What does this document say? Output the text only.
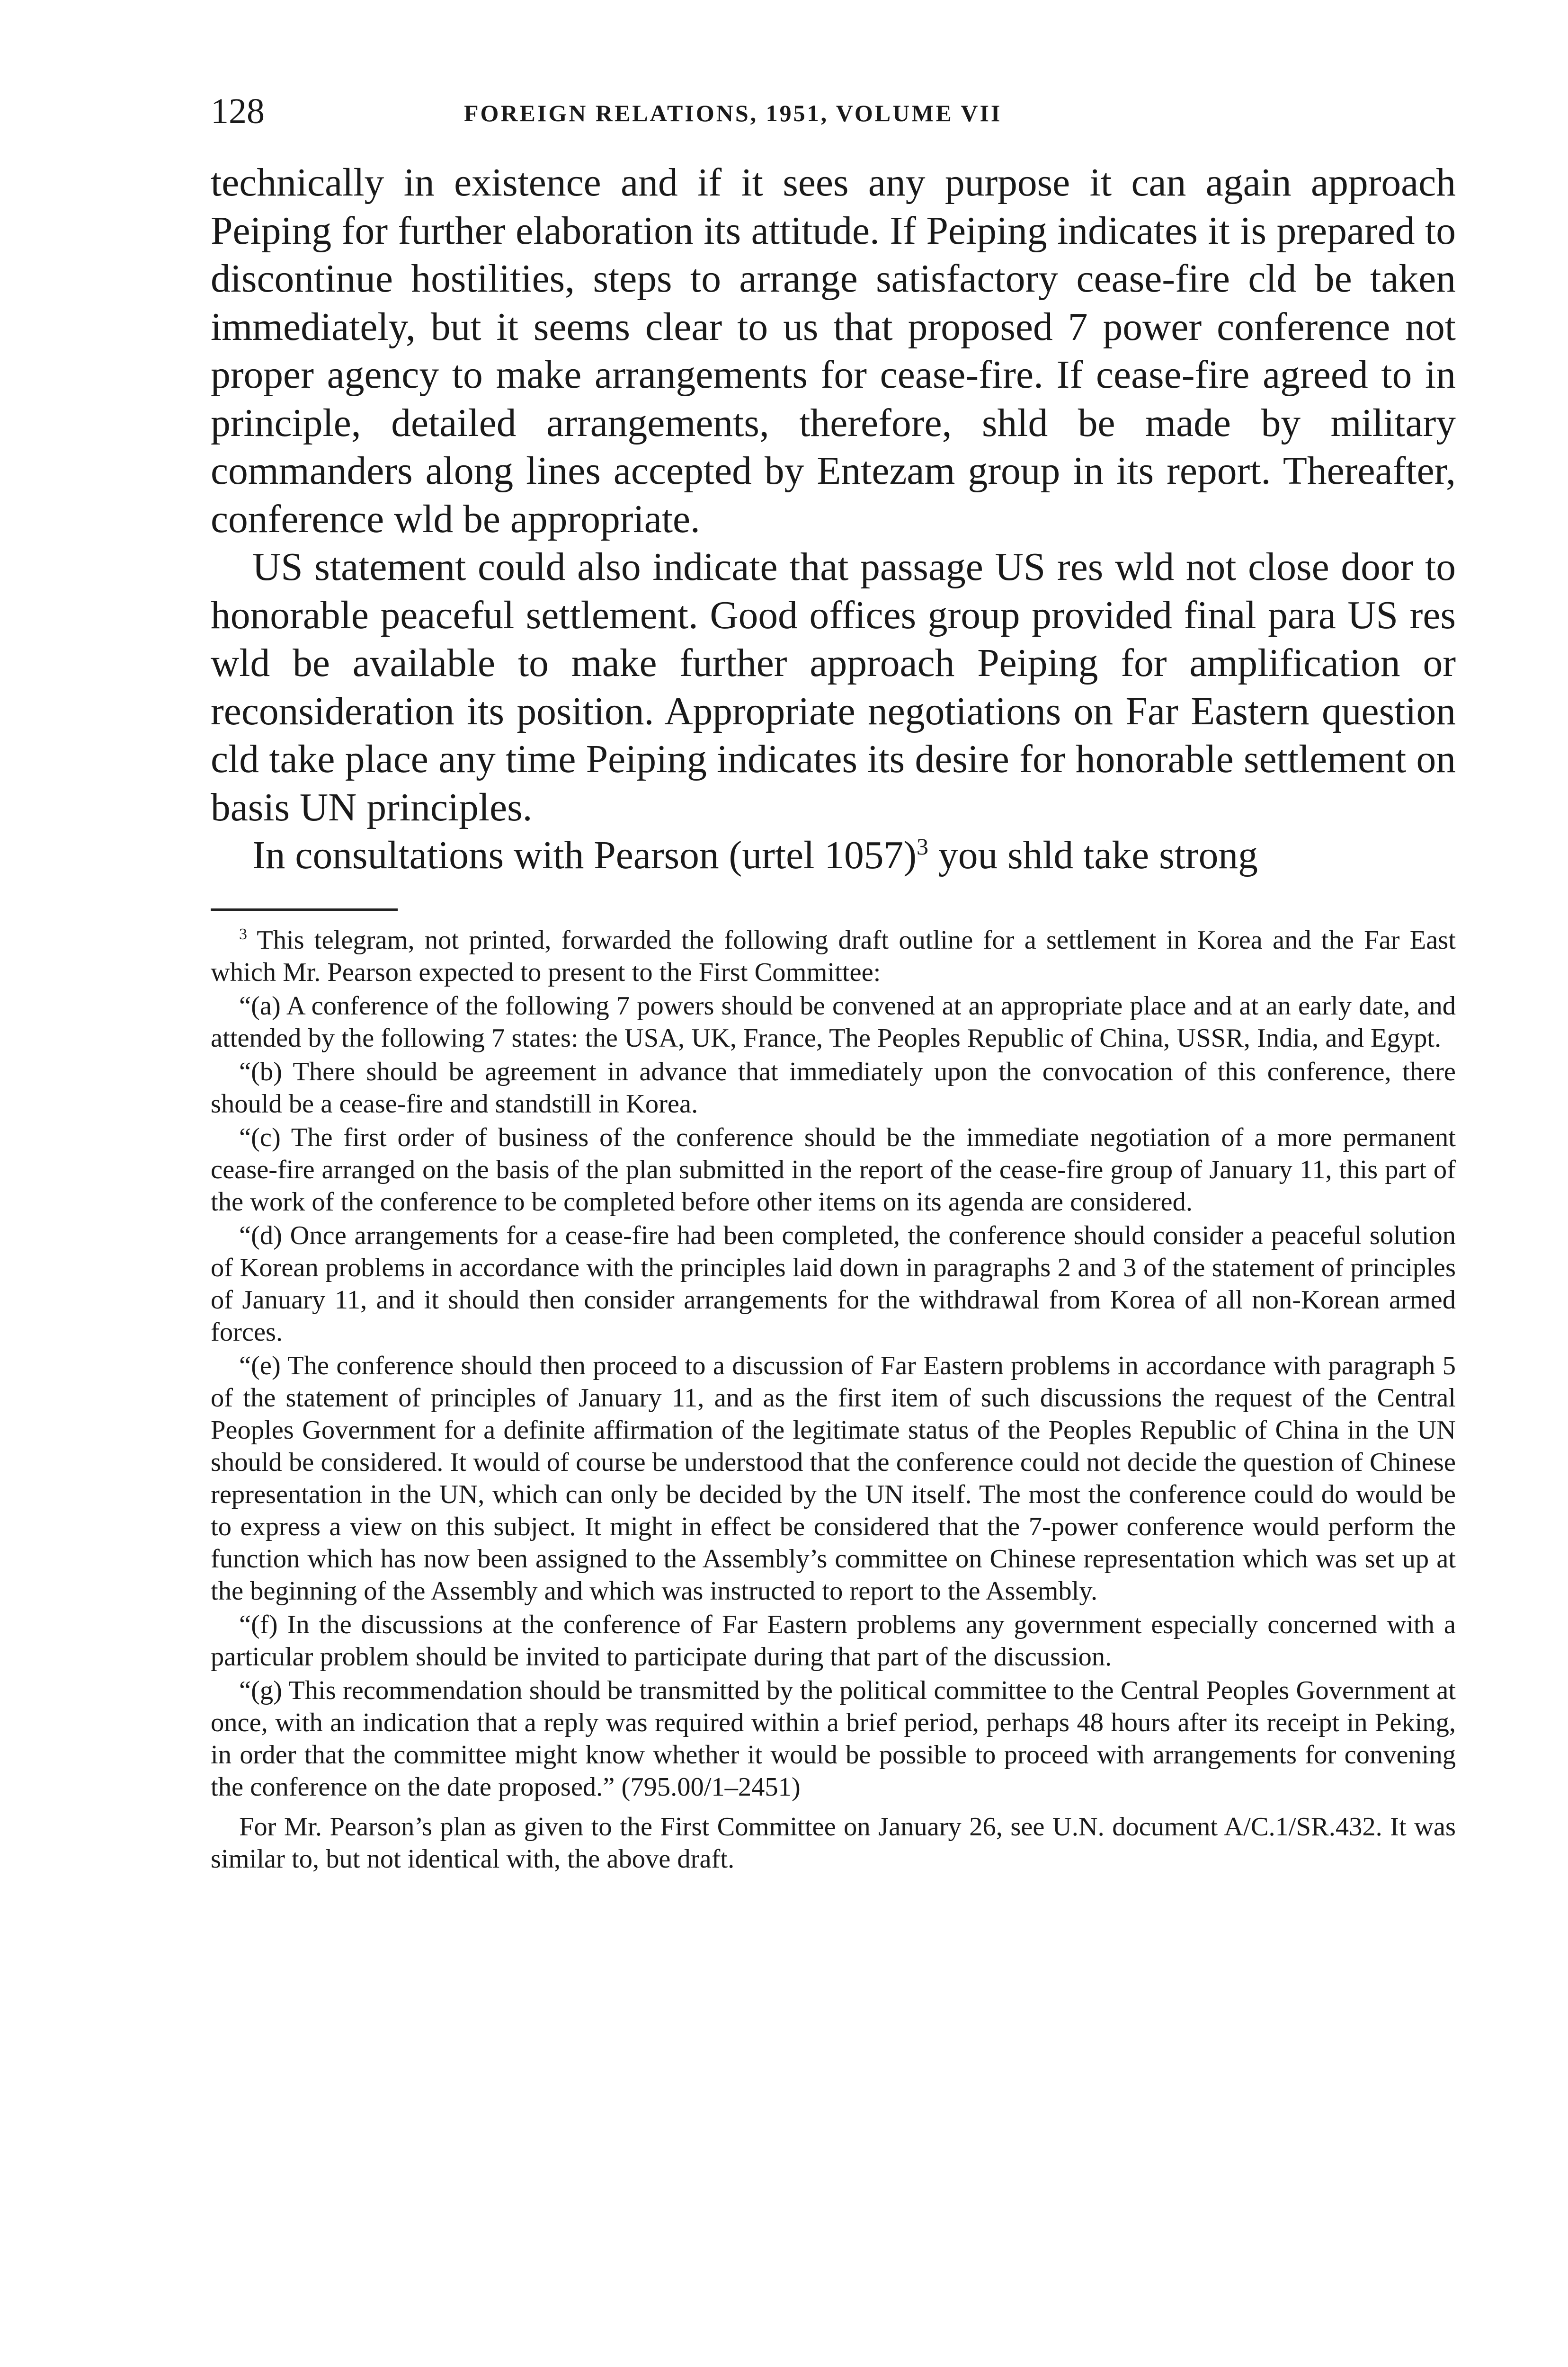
128	FOREIGN RELATIONS, 1951, VOLUME VII

technically in existence and if it sees any purpose it can again approach Peiping for further elaboration its attitude. If Peiping indicates it is prepared to discontinue hostilities, steps to arrange satisfactory cease-fire cld be taken immediately, but it seems clear to us that proposed 7 power conference not proper agency to make arrangements for cease-fire. If cease-fire agreed to in principle, detailed arrangements, therefore, shld be made by military commanders along lines accepted by Entezam group in its report. Thereafter, conference wld be appropriate.

US statement could also indicate that passage US res wld not close door to honorable peaceful settlement. Good offices group provided final para US res wld be available to make further approach Peiping for amplification or reconsideration its position. Appropriate negotiations on Far Eastern question cld take place any time Peiping indicates its desire for honorable settlement on basis UN principles.

In consultations with Pearson (urtel 1057)$^3$ you shld take strong

$^3$ This telegram, not printed, forwarded the following draft outline for a settlement in Korea and the Far East which Mr. Pearson expected to present to the First Committee:

“(a) A conference of the following 7 powers should be convened at an appropriate place and at an early date, and attended by the following 7 states: the USA, UK, France, The Peoples Republic of China, USSR, India, and Egypt.

“(b) There should be agreement in advance that immediately upon the convocation of this conference, there should be a cease-fire and standstill in Korea.

“(c) The first order of business of the conference should be the immediate negotiation of a more permanent cease-fire arranged on the basis of the plan submitted in the report of the cease-fire group of January 11, this part of the work of the conference to be completed before other items on its agenda are considered.

“(d) Once arrangements for a cease-fire had been completed, the conference should consider a peaceful solution of Korean problems in accordance with the principles laid down in paragraphs 2 and 3 of the statement of principles of January 11, and it should then consider arrangements for the withdrawal from Korea of all non-Korean armed forces.

“(e) The conference should then proceed to a discussion of Far Eastern problems in accordance with paragraph 5 of the statement of principles of January 11, and as the first item of such discussions the request of the Central Peoples Government for a definite affirmation of the legitimate status of the Peoples Republic of China in the UN should be considered. It would of course be understood that the conference could not decide the question of Chinese representation in the UN, which can only be decided by the UN itself. The most the conference could do would be to express a view on this subject. It might in effect be considered that the 7-power conference would perform the function which has now been assigned to the Assembly’s committee on Chinese representation which was set up at the beginning of the Assembly and which was instructed to report to the Assembly.

“(f) In the discussions at the conference of Far Eastern problems any government especially concerned with a particular problem should be invited to participate during that part of the discussion.

“(g) This recommendation should be transmitted by the political committee to the Central Peoples Government at once, with an indication that a reply was required within a brief period, perhaps 48 hours after its receipt in Peking, in order that the committee might know whether it would be possible to proceed with arrangements for convening the conference on the date proposed.” (795.00/1–2451)

For Mr. Pearson’s plan as given to the First Committee on January 26, see U.N. document A/C.1/SR.432. It was similar to, but not identical with, the above draft.
